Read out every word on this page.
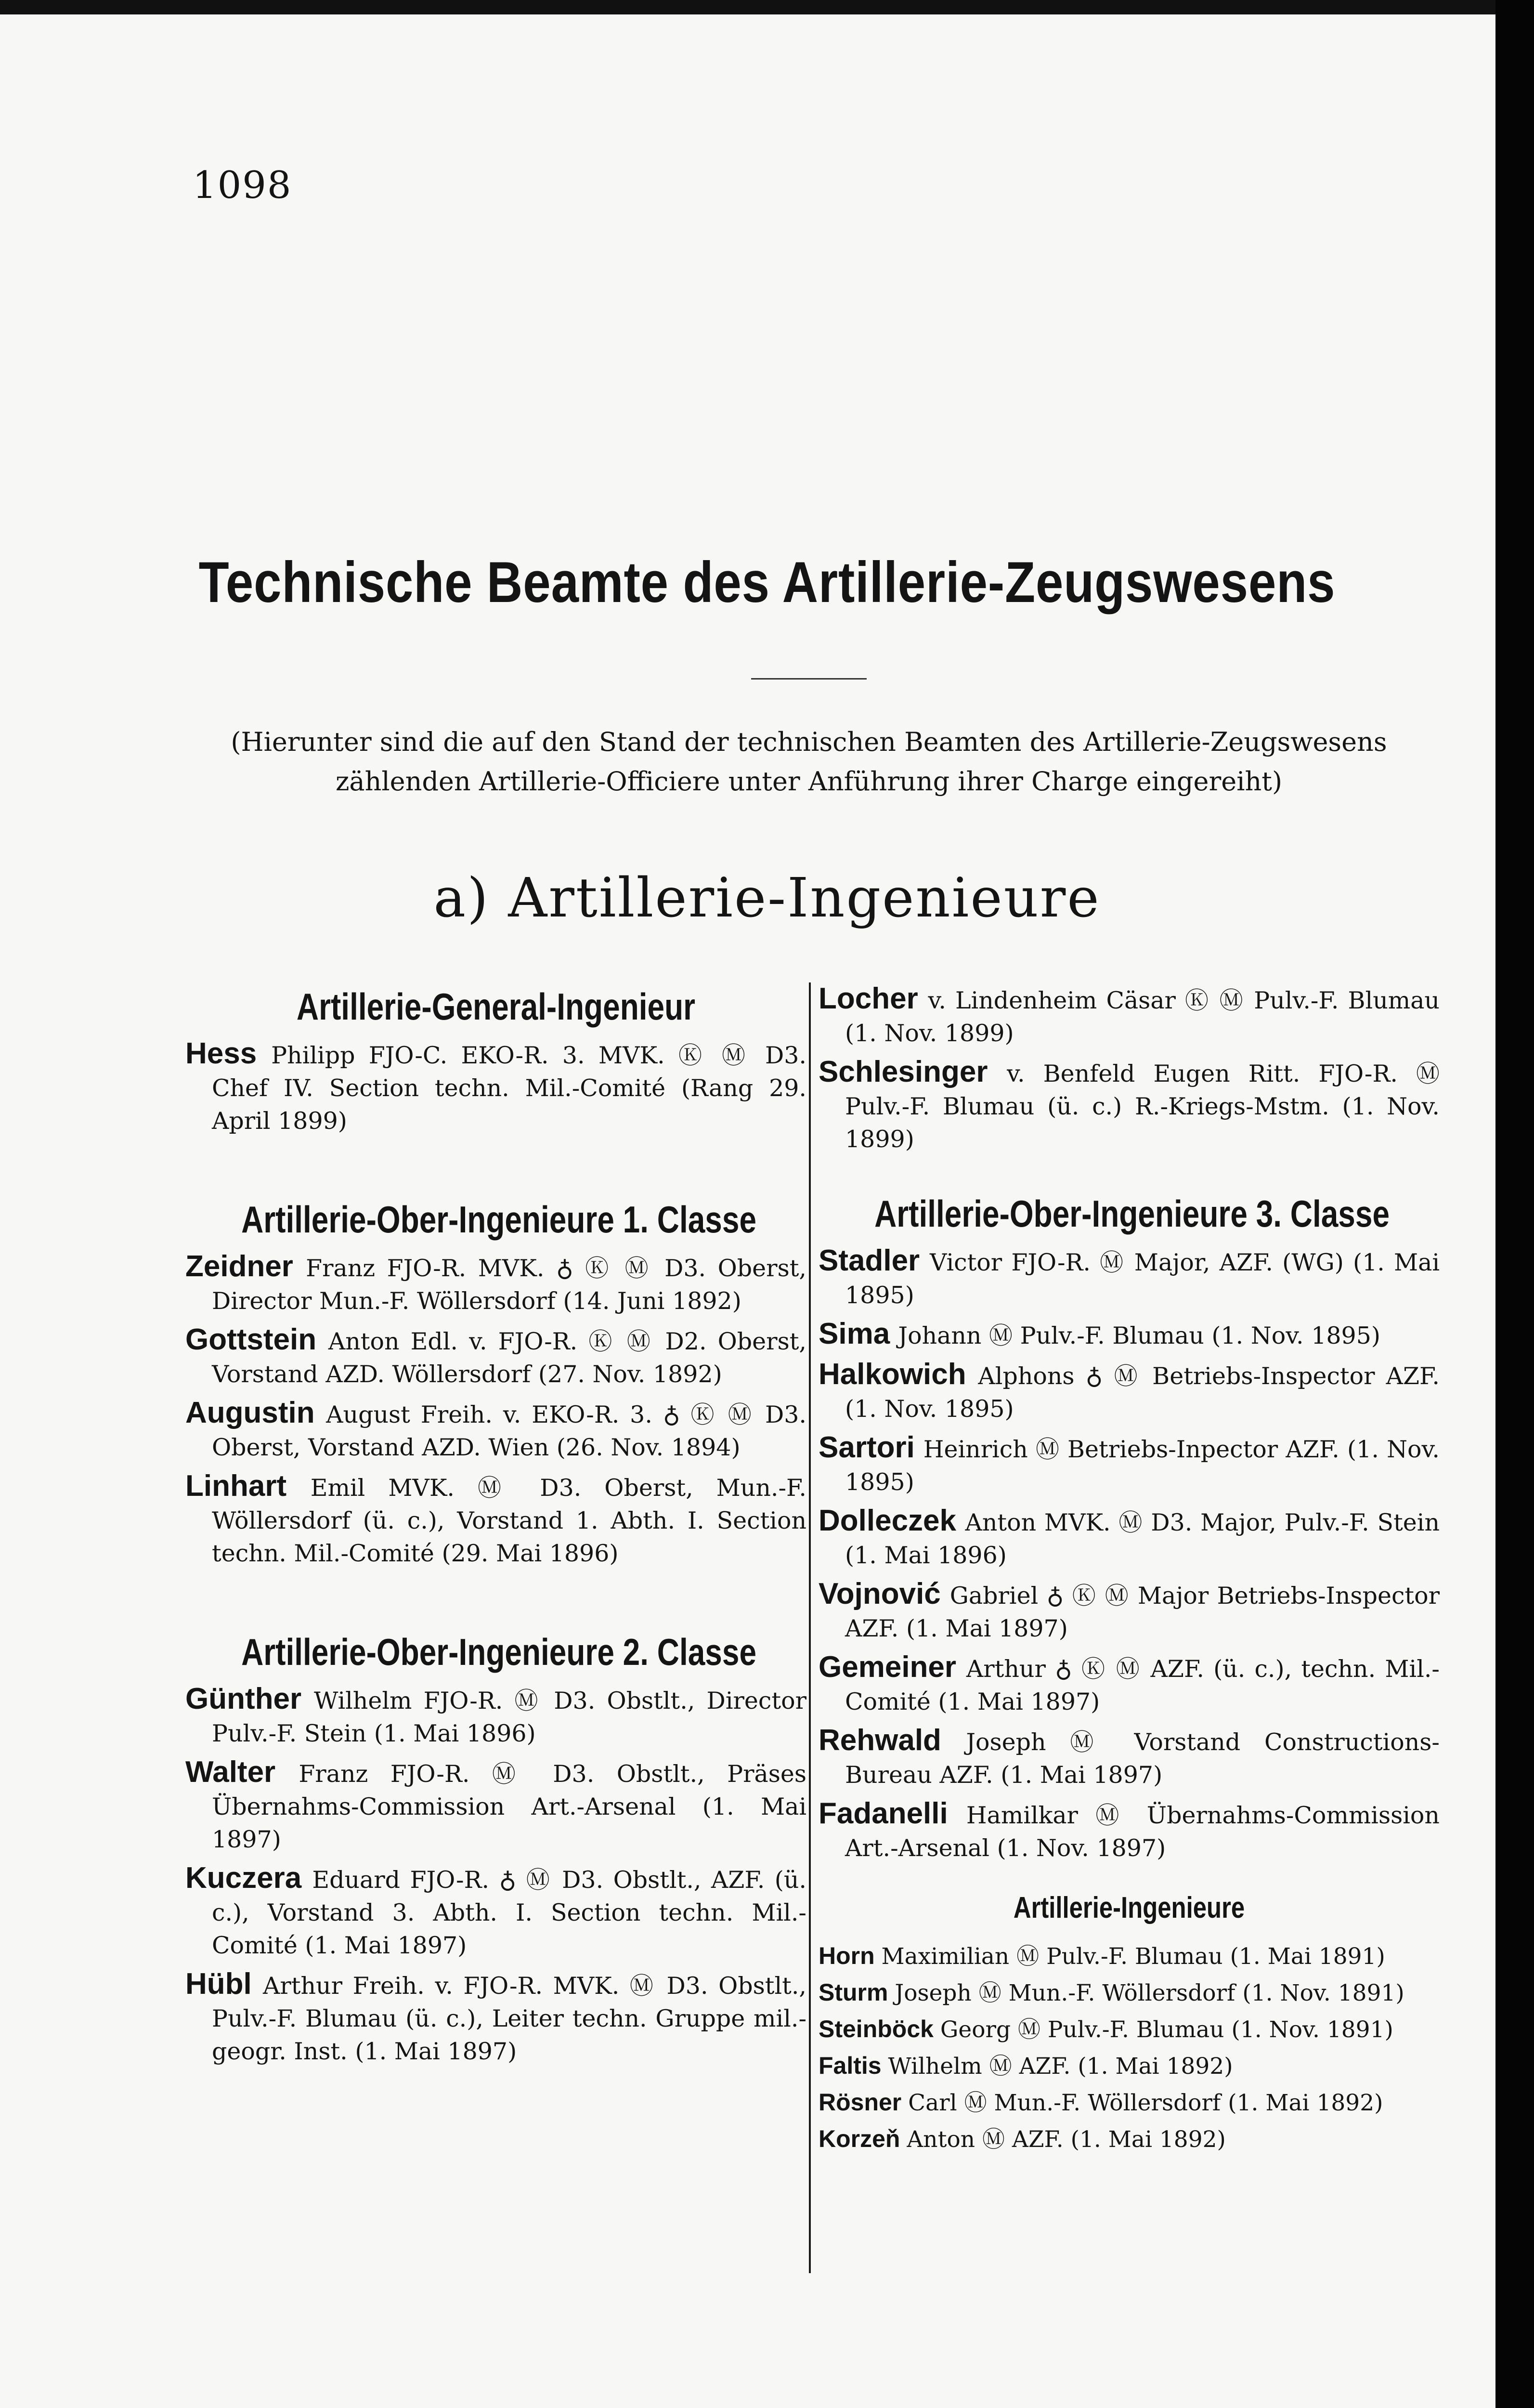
1098
Technische Beamte des Artillerie-Zeugswesens
(Hierunter sind die auf den Stand der technischen Beamten des Artillerie-Zeugswesens zählenden Artillerie-Officiere unter Anführung ihrer Charge eingereiht)
a) Artillerie-Ingenieure
Artillerie-General-Ingenieur
Hess Philipp FJO-C. EKO-R. 3. MVK. Ⓚ Ⓜ D3. Chef IV. Section techn. Mil.-Comité (Rang 29. April 1899)
Artillerie-Ober-Ingenieure 1. Classe
Zeidner Franz FJO-R. MVK. ♁ Ⓚ Ⓜ D3. Oberst, Director Mun.-F. Wöllersdorf (14. Juni 1892)
Gottstein Anton Edl. v. FJO-R. Ⓚ Ⓜ D2. Oberst, Vorstand AZD. Wöllersdorf (27. Nov. 1892)
Augustin August Freih. v. EKO-R. 3. ♁ Ⓚ Ⓜ D3. Oberst, Vorstand AZD. Wien (26. Nov. 1894)
Linhart Emil MVK. Ⓜ D3. Oberst, Mun.-F. Wöllersdorf (ü. c.), Vorstand 1. Abth. I. Section techn. Mil.-Comité (29. Mai 1896)
Artillerie-Ober-Ingenieure 2. Classe
Günther Wilhelm FJO-R. Ⓜ D3. Obstlt., Director Pulv.-F. Stein (1. Mai 1896)
Walter Franz FJO-R. Ⓜ D3. Obstlt., Präses Übernahms-Commission Art.-Arsenal (1. Mai 1897)
Kuczera Eduard FJO-R. ♁ Ⓜ D3. Obstlt., AZF. (ü. c.), Vorstand 3. Abth. I. Section techn. Mil.-Comité (1. Mai 1897)
Hübl Arthur Freih. v. FJO-R. MVK. Ⓜ D3. Obstlt., Pulv.-F. Blumau (ü. c.), Leiter techn. Gruppe mil.-geogr. Inst. (1. Mai 1897)
Locher v. Lindenheim Cäsar Ⓚ Ⓜ Pulv.-F. Blumau (1. Nov. 1899)
Schlesinger v. Benfeld Eugen Ritt. FJO-R. Ⓜ Pulv.-F. Blumau (ü. c.) R.-Kriegs-Mstm. (1. Nov. 1899)
Artillerie-Ober-Ingenieure 3. Classe
Stadler Victor FJO-R. Ⓜ Major, AZF. (WG) (1. Mai 1895)
Sima Johann Ⓜ Pulv.-F. Blumau (1. Nov. 1895)
Halkowich Alphons ♁ Ⓜ Betriebs-Inspector AZF. (1. Nov. 1895)
Sartori Heinrich Ⓜ Betriebs-Inpector AZF. (1. Nov. 1895)
Dolleczek Anton MVK. Ⓜ D3. Major, Pulv.-F. Stein (1. Mai 1896)
Vojnović Gabriel ♁ Ⓚ Ⓜ Major Betriebs-Inspector AZF. (1. Mai 1897)
Gemeiner Arthur ♁ Ⓚ Ⓜ AZF. (ü. c.), techn. Mil.-Comité (1. Mai 1897)
Rehwald Joseph Ⓜ Vorstand Constructions-Bureau AZF. (1. Mai 1897)
Fadanelli Hamilkar Ⓜ Übernahms-Commission Art.-Arsenal (1. Nov. 1897)
Artillerie-Ingenieure
Horn Maximilian Ⓜ Pulv.-F. Blumau (1. Mai 1891)
Sturm Joseph Ⓜ Mun.-F. Wöllersdorf (1. Nov. 1891)
Steinböck Georg Ⓜ Pulv.-F. Blumau (1. Nov. 1891)
Faltis Wilhelm Ⓜ AZF. (1. Mai 1892)
Rösner Carl Ⓜ Mun.-F. Wöllersdorf (1. Mai 1892)
Korzeň Anton Ⓜ AZF. (1. Mai 1892)
